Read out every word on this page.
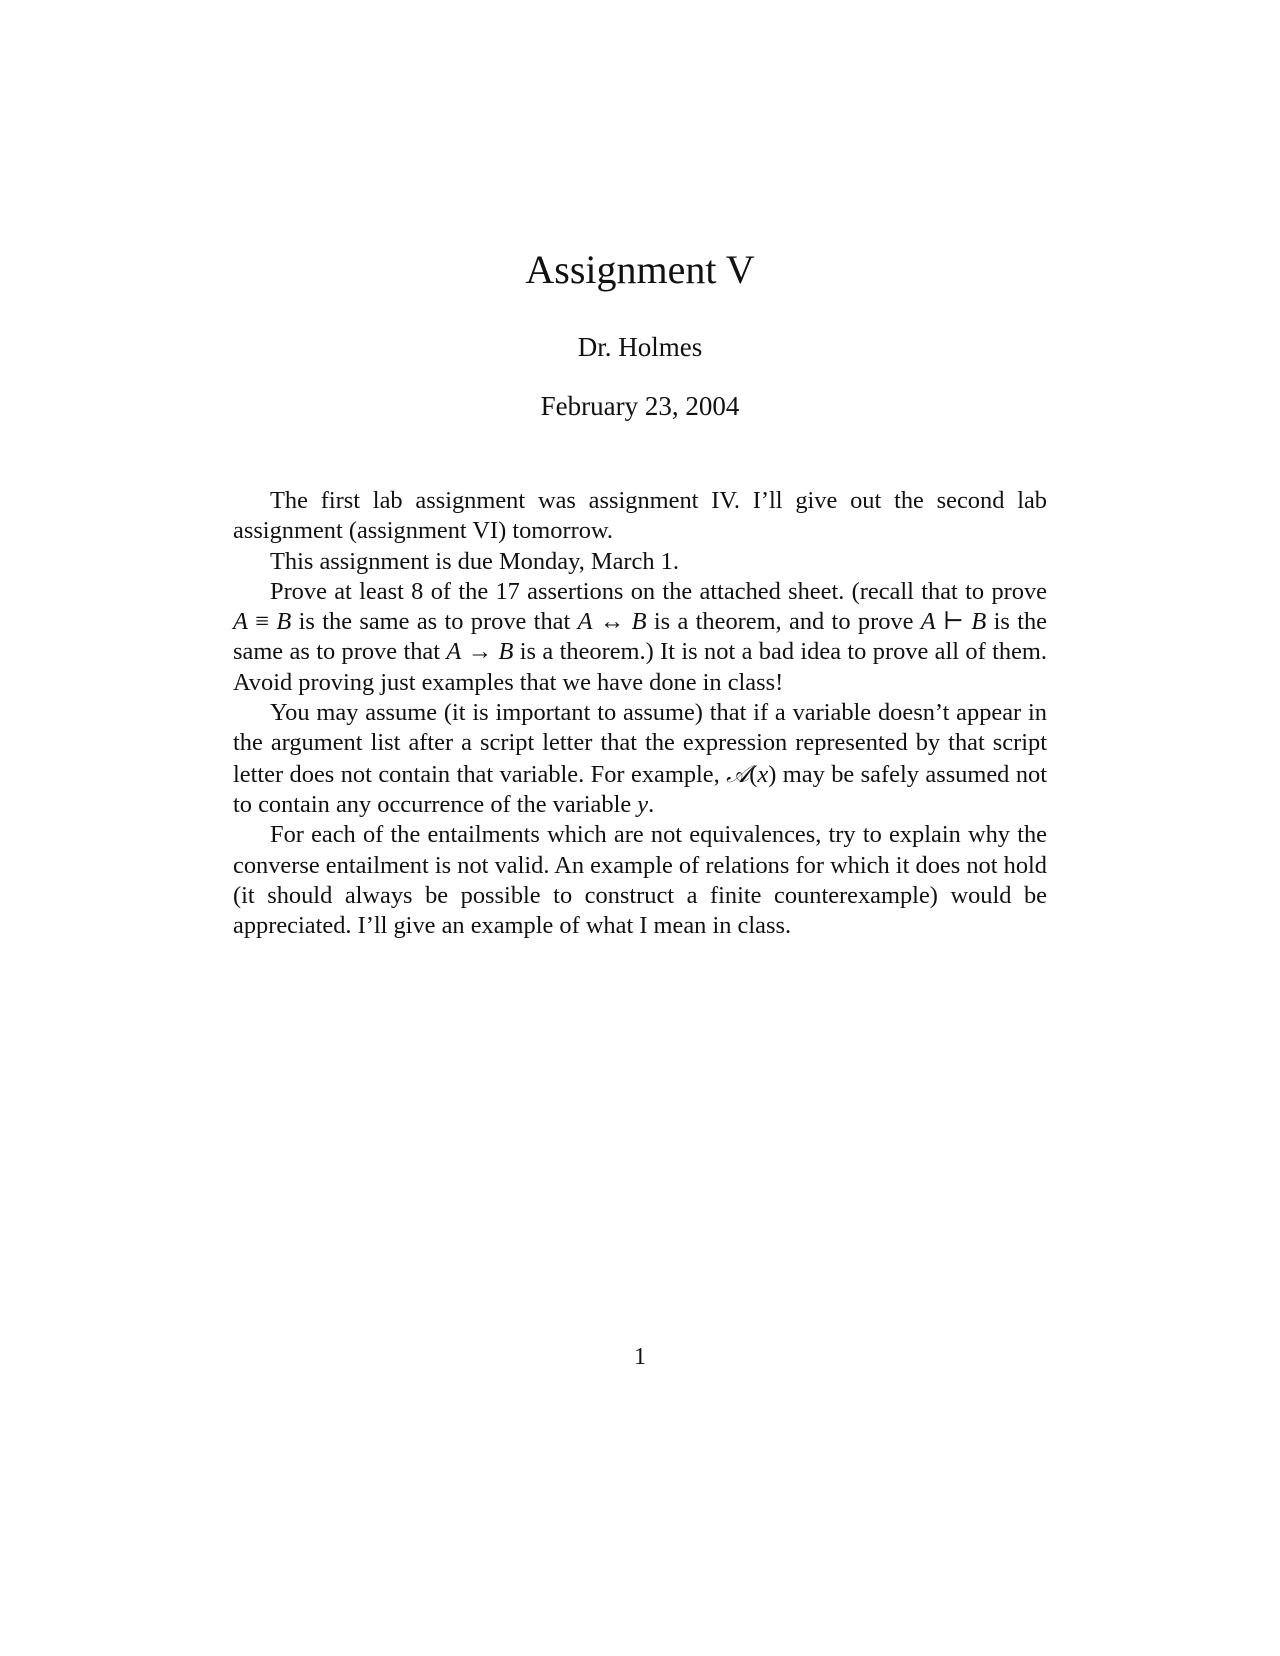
Assignment V
Dr. Holmes
February 23, 2004

The first lab assignment was assignment IV. I’ll give out the second lab assignment (assignment VI) tomorrow.

This assignment is due Monday, March 1.

Prove at least 8 of the 17 assertions on the attached sheet. (recall that to prove A ≡ B is the same as to prove that A ↔ B is a theorem, and to prove A ⊢ B is the same as to prove that A → B is a theorem.) It is not a bad idea to prove all of them. Avoid proving just examples that we have done in class!

You may assume (it is important to assume) that if a variable doesn’t appear in the argument list after a script letter that the expression represented by that script letter does not contain that variable. For example, 𝒜(x) may be safely assumed not to contain any occurrence of the variable y.

For each of the entailments which are not equivalences, try to explain why the converse entailment is not valid. An example of relations for which it does not hold (it should always be possible to construct a finite counterexample) would be appreciated. I’ll give an example of what I mean in class.

1
